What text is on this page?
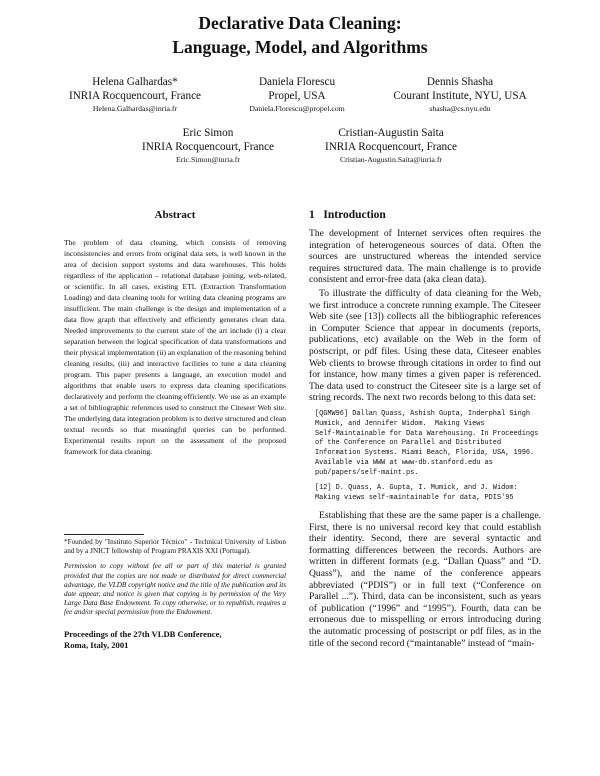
Declarative Data Cleaning:
Language, Model, and Algorithms
Helena Galhardas*
INRIA Rocquencourt, France
Helena.Galhardas@inria.fr
Daniela Florescu
Propel, USA
Daniela.Florescu@propel.com
Dennis Shasha
Courant Institute, NYU, USA
shasha@cs.nyu.edu
Eric Simon
INRIA Rocquencourt, France
Eric.Simon@inria.fr
Cristian-Augustin Saita
INRIA Rocquencourt, France
Cristian-Augustin.Saita@inria.fr
Abstract
The problem of data cleaning, which consists of removing inconsistencies and errors from original data sets, is well known in the area of decision support systems and data warehouses. This holds regardless of the application – relational database joining, web-related, or scientific. In all cases, existing ETL (Extraction Transformation Loading) and data cleaning tools for writing data cleaning programs are insufficient. The main challenge is the design and implementation of a data flow graph that effectively and efficiently generates clean data. Needed improvements to the current state of the art include (i) a clear separation between the logical specification of data transformations and their physical implementation (ii) an explanation of the reasoning behind cleaning results, (iii) and interactive facilities to tune a data cleaning program. This paper presents a language, an execution model and algorithms that enable users to express data cleaning specifications declaratively and perform the cleaning efficiently. We use as an example a set of bibliographic references used to construct the Citeseer Web site. The underlying data integration problem is to derive structured and clean textual records so that meaningful queries can be performed. Experimental results report on the assessment of the proposed framework for data cleaning.
*Founded by "Instituto Superior Técnico" - Technical University of Lisbon and by a JNICT fellowship of Program PRAXIS XXI (Portugal).
Permission to copy without fee all or part of this material is granted provided that the copies are not made or distributed for direct commercial advantage, the VLDB copyright notice and the title of the publication and its date appear, and notice is given that copying is by permission of the Very Large Data Base Endowment. To copy otherwise, or to republish, requires a fee and/or special permission from the Endowment.
Proceedings of the 27th VLDB Conference,
Roma, Italy, 2001
1   Introduction

The development of Internet services often requires the integration of heterogeneous sources of data. Often the sources are unstructured whereas the intended service requires structured data. The main challenge is to provide consistent and error-free data (aka clean data).

To illustrate the difficulty of data cleaning for the Web, we first introduce a concrete running example. The Citeseer Web site (see [13]) collects all the bibliographic references in Computer Science that appear in documents (reports, publications, etc) available on the Web in the form of postscript, or pdf files. Using these data, Citeseer enables Web clients to browse through citations in order to find out for instance, how many times a given paper is referenced. The data used to construct the Citeseer site is a large set of string records. The next two records belong to this data set:

[QGMW96] Dallan Quass, Ashish Gupta, Inderphal Singh
Mumick, and Jennifer Widom.  Making Views
Self-Maintainable for Data Warehousing. In Proceedings
of the Conference on Parallel and Distributed
Information Systems. Miami Beach, Florida, USA, 1996.
Available via WWW at www-db.stanford.edu as
pub/papers/self-maint.ps.
[12] D. Quass, A. Gupta, I. Mumick, and J. Widom:
Making views self-maintainable for data, PDIS'95

Establishing that these are the same paper is a challenge. First, there is no universal record key that could establish their identity. Second, there are several syntactic and formatting differences between the records. Authors are written in different formats (e.g. “Dallan Quass” and “D. Quass”), and the name of the conference appears abbreviated (“PDIS”) or in full text (“Conference on Parallel ...”). Third, data can be inconsistent, such as years of publication (“1996” and “1995”). Fourth, data can be erroneous due to misspelling or errors introducing during the automatic processing of postscript or pdf files, as in the title of the second record (“maintanable” instead of “main-
